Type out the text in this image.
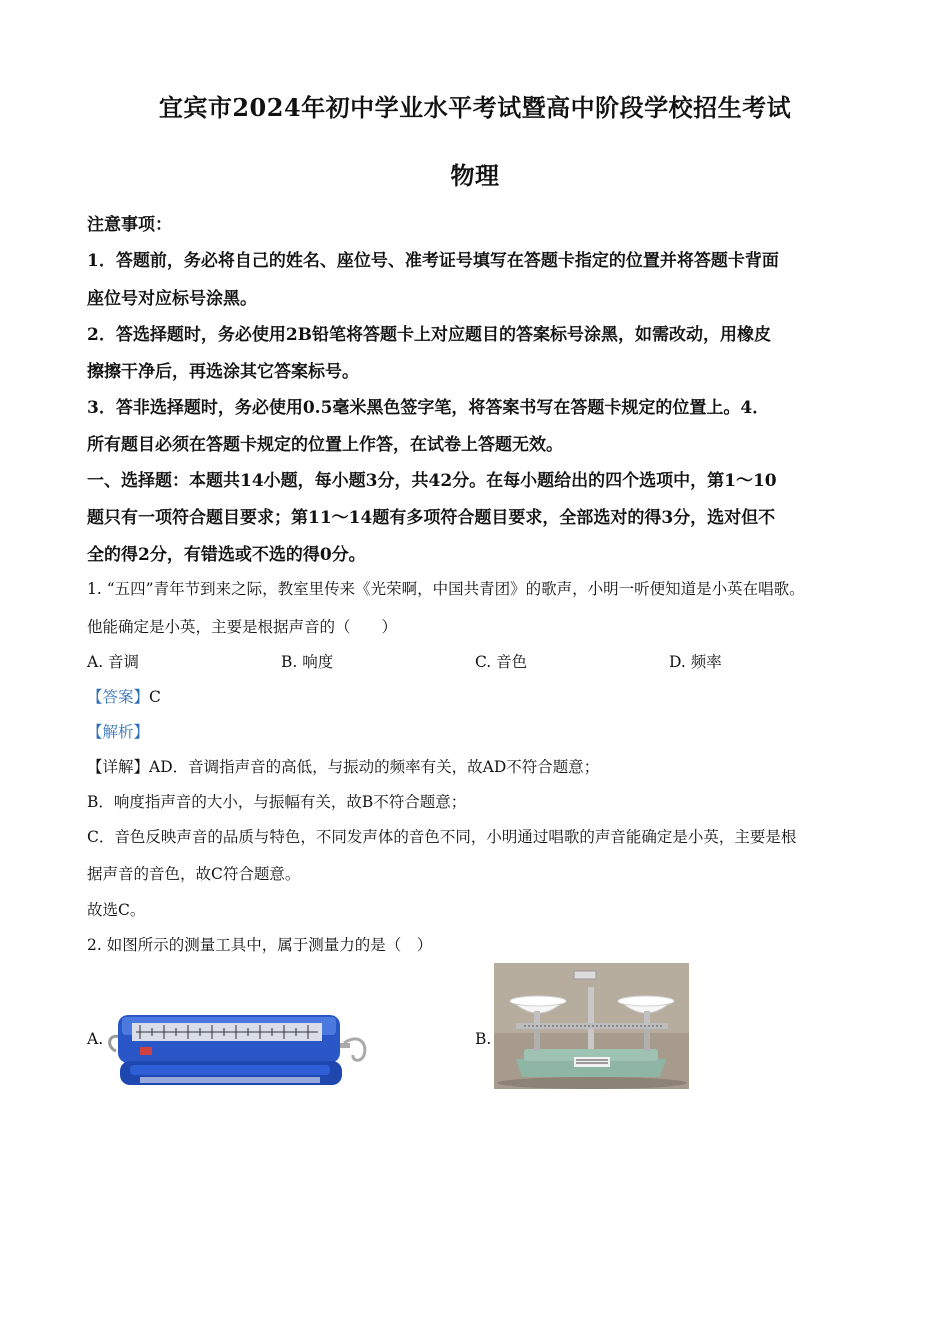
宜宾市2024年初中学业水平考试暨高中阶段学校招生考试
物理
注意事项：
1．答题前，务必将自己的姓名、座位号、准考证号填写在答题卡指定的位置并将答题卡背面
座位号对应标号涂黑。
2．答选择题时，务必使用2B铅笔将答题卡上对应题目的答案标号涂黑，如需改动，用橡皮
擦擦干净后，再选涂其它答案标号。
3．答非选择题时，务必使用0.5毫米黑色签字笔，将答案书写在答题卡规定的位置上。4．
所有题目必须在答题卡规定的位置上作答，在试卷上答题无效。
一、选择题：本题共14小题，每小题3分，共42分。在每小题给出的四个选项中，第1～10
题只有一项符合题目要求；第11～14题有多项符合题目要求，全部选对的得3分，选对但不
全的得2分，有错选或不选的得0分。
1. “五四”青年节到来之际，教室里传来《光荣啊，中国共青团》的歌声，小明一听便知道是小英在唱歌。
他能确定是小英，主要是根据声音的（　　）
A. 音调	B. 响度	C. 音色	D. 频率
【答案】C
【解析】
【详解】AD．音调指声音的高低，与振动的频率有关，故AD不符合题意；
B．响度指声音的大小，与振幅有关，故B不符合题意；
C．音色反映声音的品质与特色，不同发声体的音色不同，小明通过唱歌的声音能确定是小英，主要是根
据声音的音色，故C符合题意。
故选C。
2. 如图所示的测量工具中，属于测量力的是（　）
A.	B.
